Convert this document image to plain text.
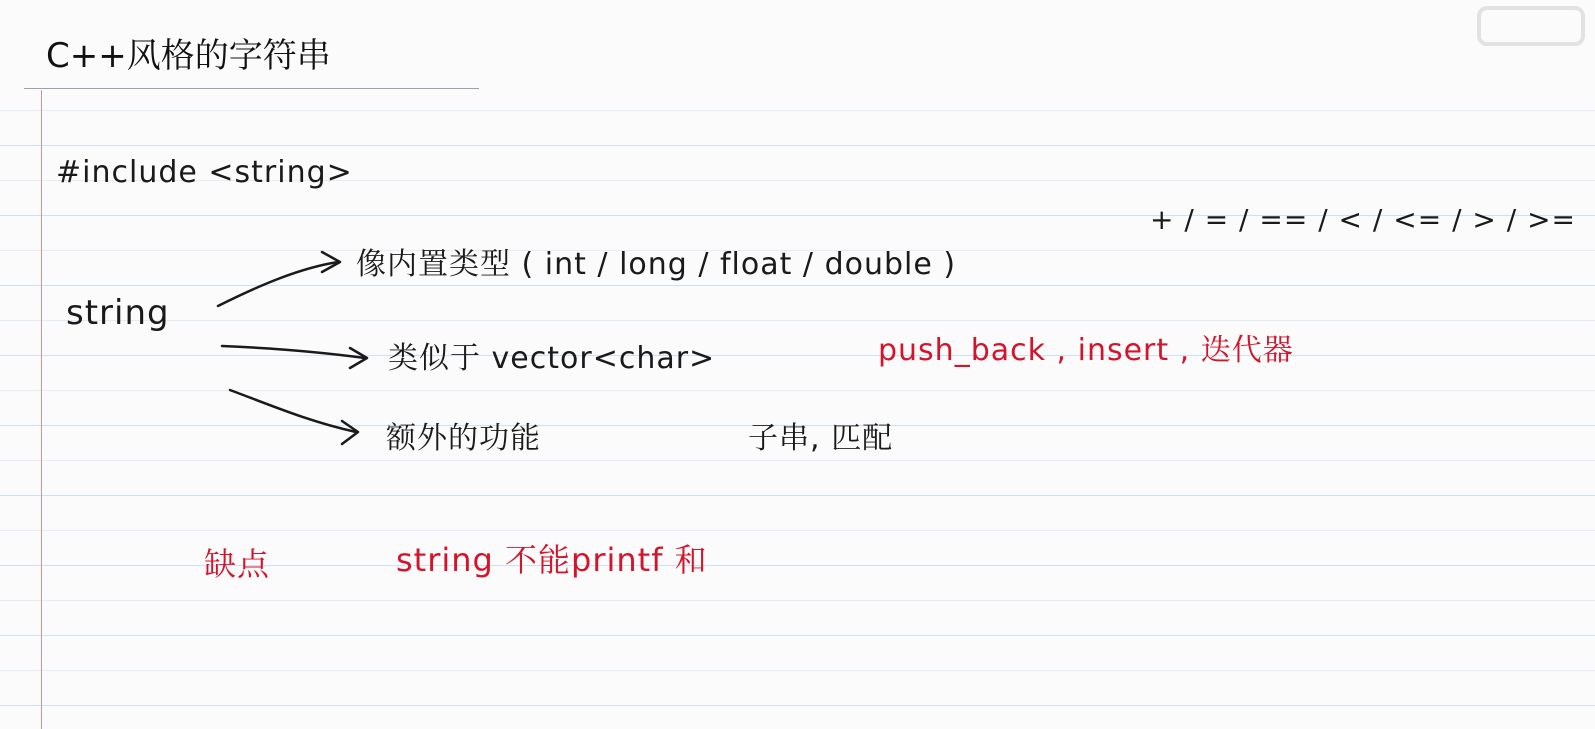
C++风格的字符串
#include <string>
+ / = / == / < / <= / > / >=
string
像内置类型 ( int / long / float / double )
类似于 vector<char>	push_back , insert , 迭代器
额外的功能	子串, 匹配
缺点	string 不能printf 和
